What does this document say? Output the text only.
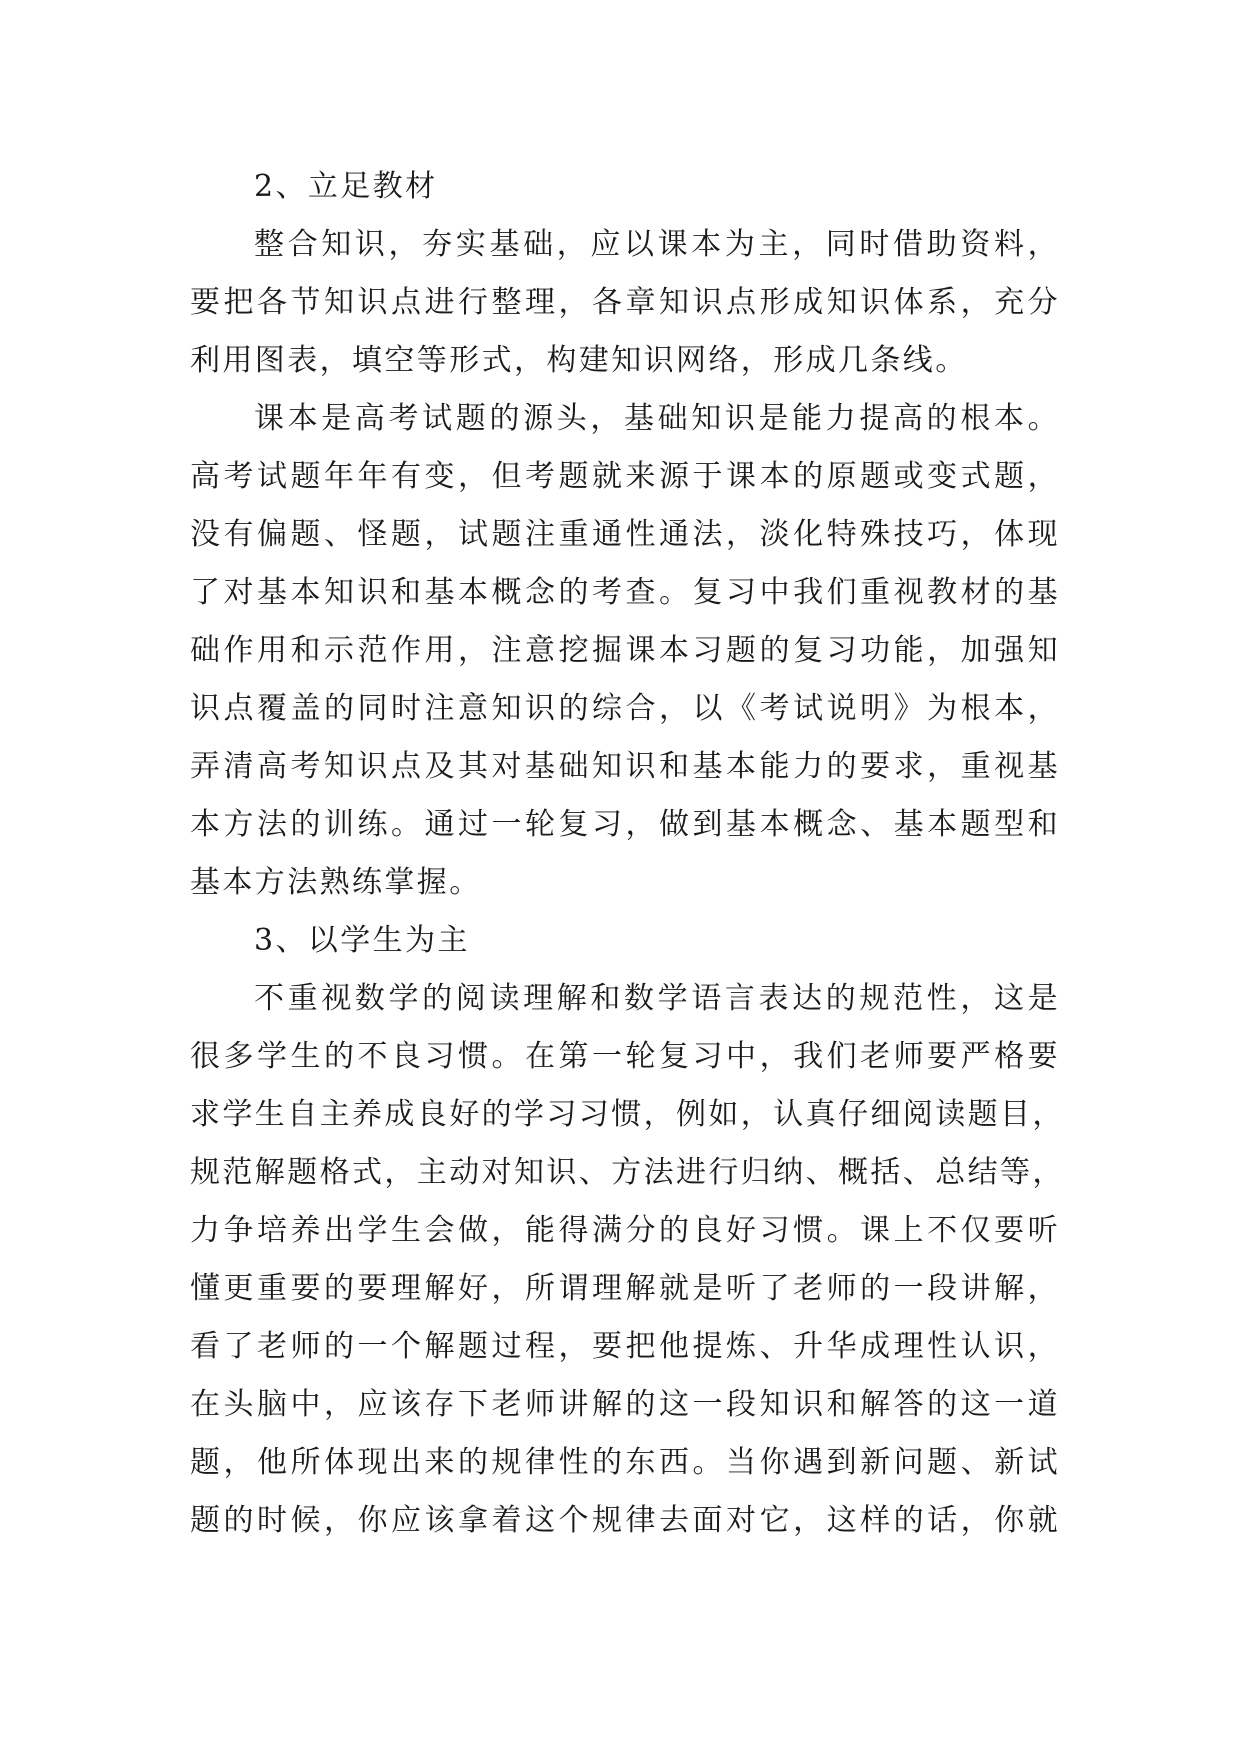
2、立足教材
整合知识，夯实基础，应以课本为主，同时借助资料，
要把各节知识点进行整理，各章知识点形成知识体系，充分
利用图表，填空等形式，构建知识网络，形成几条线。
课本是高考试题的源头，基础知识是能力提高的根本。
高考试题年年有变，但考题就来源于课本的原题或变式题，
没有偏题、怪题，试题注重通性通法，淡化特殊技巧，体现
了对基本知识和基本概念的考查。复习中我们重视教材的基
础作用和示范作用，注意挖掘课本习题的复习功能，加强知
识点覆盖的同时注意知识的综合，以《考试说明》为根本，
弄清高考知识点及其对基础知识和基本能力的要求，重视基
本方法的训练。通过一轮复习，做到基本概念、基本题型和
基本方法熟练掌握。
3、以学生为主
不重视数学的阅读理解和数学语言表达的规范性，这是
很多学生的不良习惯。在第一轮复习中，我们老师要严格要
求学生自主养成良好的学习习惯，例如，认真仔细阅读题目，
规范解题格式，主动对知识、方法进行归纳、概括、总结等，
力争培养出学生会做，能得满分的良好习惯。课上不仅要听
懂更重要的要理解好，所谓理解就是听了老师的一段讲解，
看了老师的一个解题过程，要把他提炼、升华成理性认识，
在头脑中，应该存下老师讲解的这一段知识和解答的这一道
题，他所体现出来的规律性的东西。当你遇到新问题、新试
题的时候，你应该拿着这个规律去面对它，这样的话，你就
